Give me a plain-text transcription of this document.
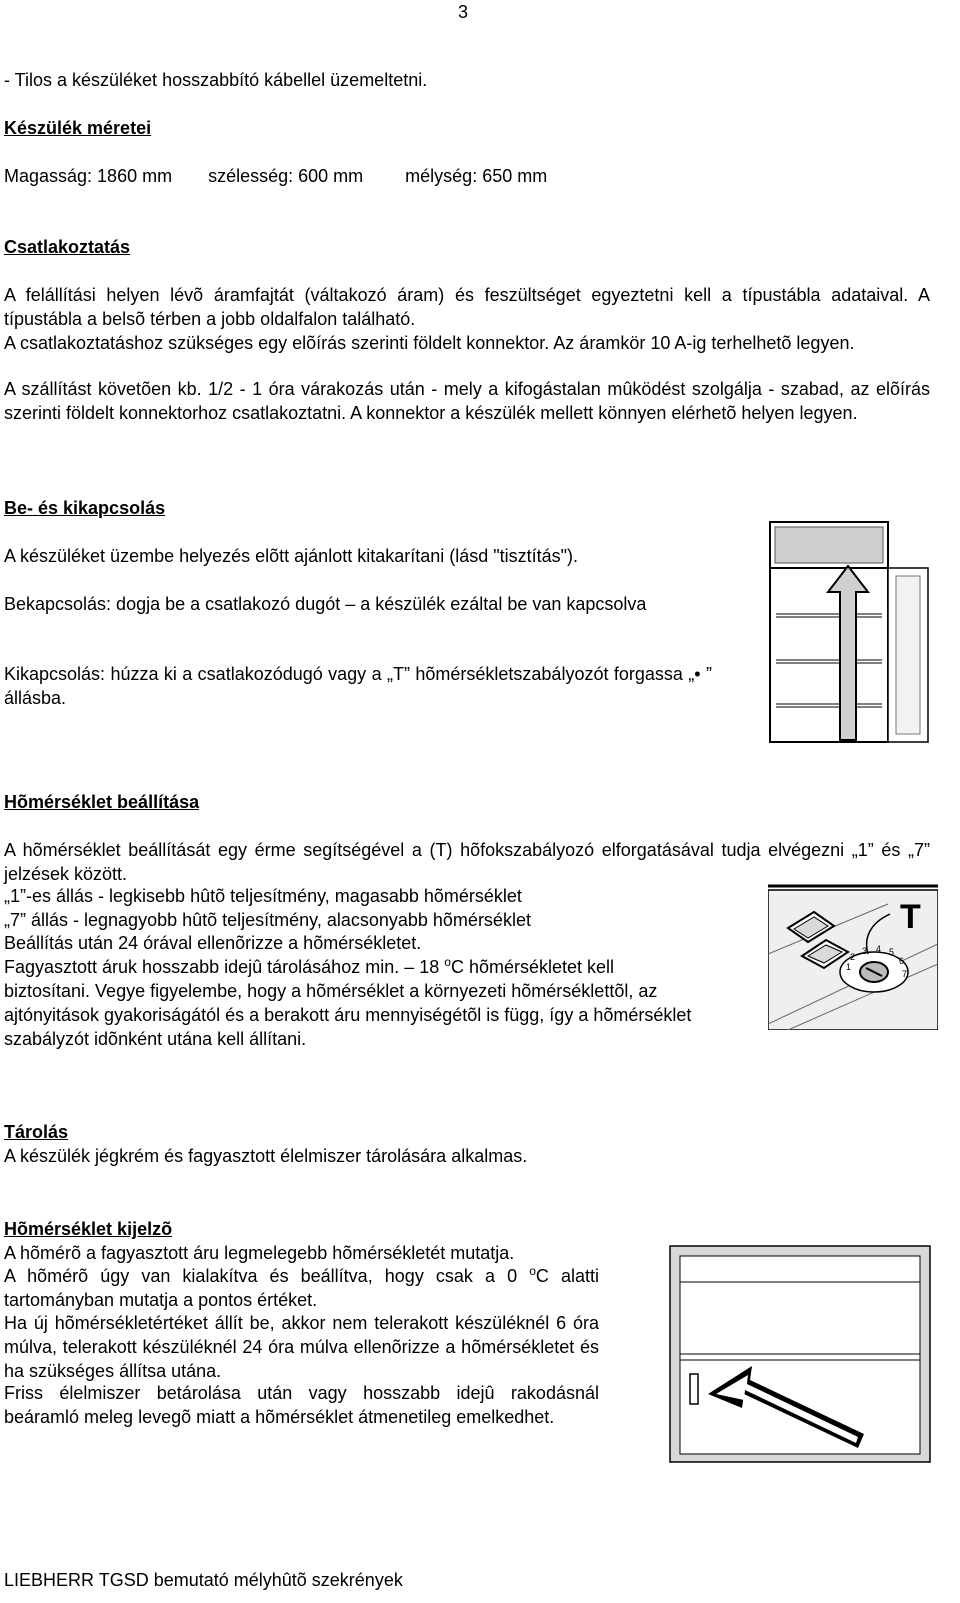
3
- Tilos a készüléket hosszabbító kábellel üzemeltetni.
Készülék méretei
Magasság: 1860 mm szélesség: 600 mm mélység: 650 mm
Csatlakoztatás
A felállítási helyen lévõ áramfajtát (váltakozó áram) és feszültséget egyeztetni kell a típustábla adataival. A típustábla a belsõ térben a jobb oldalfalon található.
A csatlakoztatáshoz szükséges egy elõírás szerinti földelt konnektor. Az áramkör 10 A-ig terhelhetõ legyen.
A szállítást követõen kb. 1/2 - 1 óra várakozás után - mely a kifogástalan mûködést szolgálja - szabad, az elõírás szerinti földelt konnektorhoz csatlakoztatni. A konnektor a készülék mellett könnyen elérhetõ helyen legyen.
Be- és kikapcsolás
A készüléket üzembe helyezés elõtt ajánlott kitakarítani (lásd "tisztítás").
Bekapcsolás: dogja be a csatlakozó dugót – a készülék ezáltal be van kapcsolva
Kikapcsolás: húzza ki a csatlakozódugó vagy a „T” hõmérsékletszabályozót forgassa „• ” állásba.
Hõmérséklet beállítása
A hõmérséklet beállítását egy érme segítségével a (T) hõfokszabályozó elforgatásával tudja elvégezni „1” és „7” jelzések között.
„1”-es állás - legkisebb hûtõ teljesítmény, magasabb hõmérséklet
„7” állás - legnagyobb hûtõ teljesítmény, alacsonyabb hõmérséklet
Beállítás után 24 órával ellenõrizze a hõmérsékletet.
Fagyasztott áruk hosszabb idejû tárolásához min. – 18 $^o$C hõmérsékletet kell
biztosítani. Vegye figyelembe, hogy a hõmérséklet a környezeti hõmérséklettõl, az ajtónyitások gyakoriságától és a berakott áru mennyiségétõl is függ, így a hõmérséklet szabályzót idõnként utána kell állítani.
1
2
3 4 5
6
7
T
Tárolás
A készülék jégkrém és fagyasztott élelmiszer tárolására alkalmas.
Hõmérséklet kijelzõ
A hõmérõ a fagyasztott áru legmelegebb hõmérsékletét mutatja.
A hõmérõ úgy van kialakítva és beállítva, hogy csak a 0 $^o$C alatti tartományban mutatja a pontos értéket.
Ha új hõmérsékletértéket állít be, akkor nem telerakott készüléknél 6 óra múlva, telerakott készüléknél 24 óra múlva ellenõrizze a hõmérsékletet és ha szükséges állítsa utána.
Friss élelmiszer betárolása után vagy hosszabb idejû rakodásnál beáramló meleg levegõ miatt a hõmérséklet átmenetileg emelkedhet.
LIEBHERR TGSD bemutató mélyhûtõ szekrények
